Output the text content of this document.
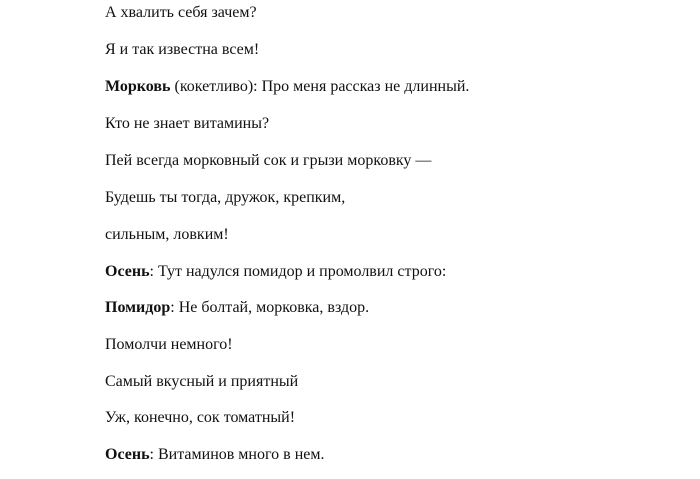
А хвалить себя зачем?

Я и так известна всем!

Морковь (кокетливо): Про меня рассказ не длинный.

Кто не знает витамины?

Пей всегда морковный сок и грызи морковку —

Будешь ты тогда, дружок, крепким,

сильным, ловким!

Осень: Тут надулся помидор и промолвил строго:

Помидор: Не болтай, морковка, вздор.

Помолчи немного!

Самый вкусный и приятный

Уж, конечно, сок томатный!

Осень: Витаминов много в нем.
